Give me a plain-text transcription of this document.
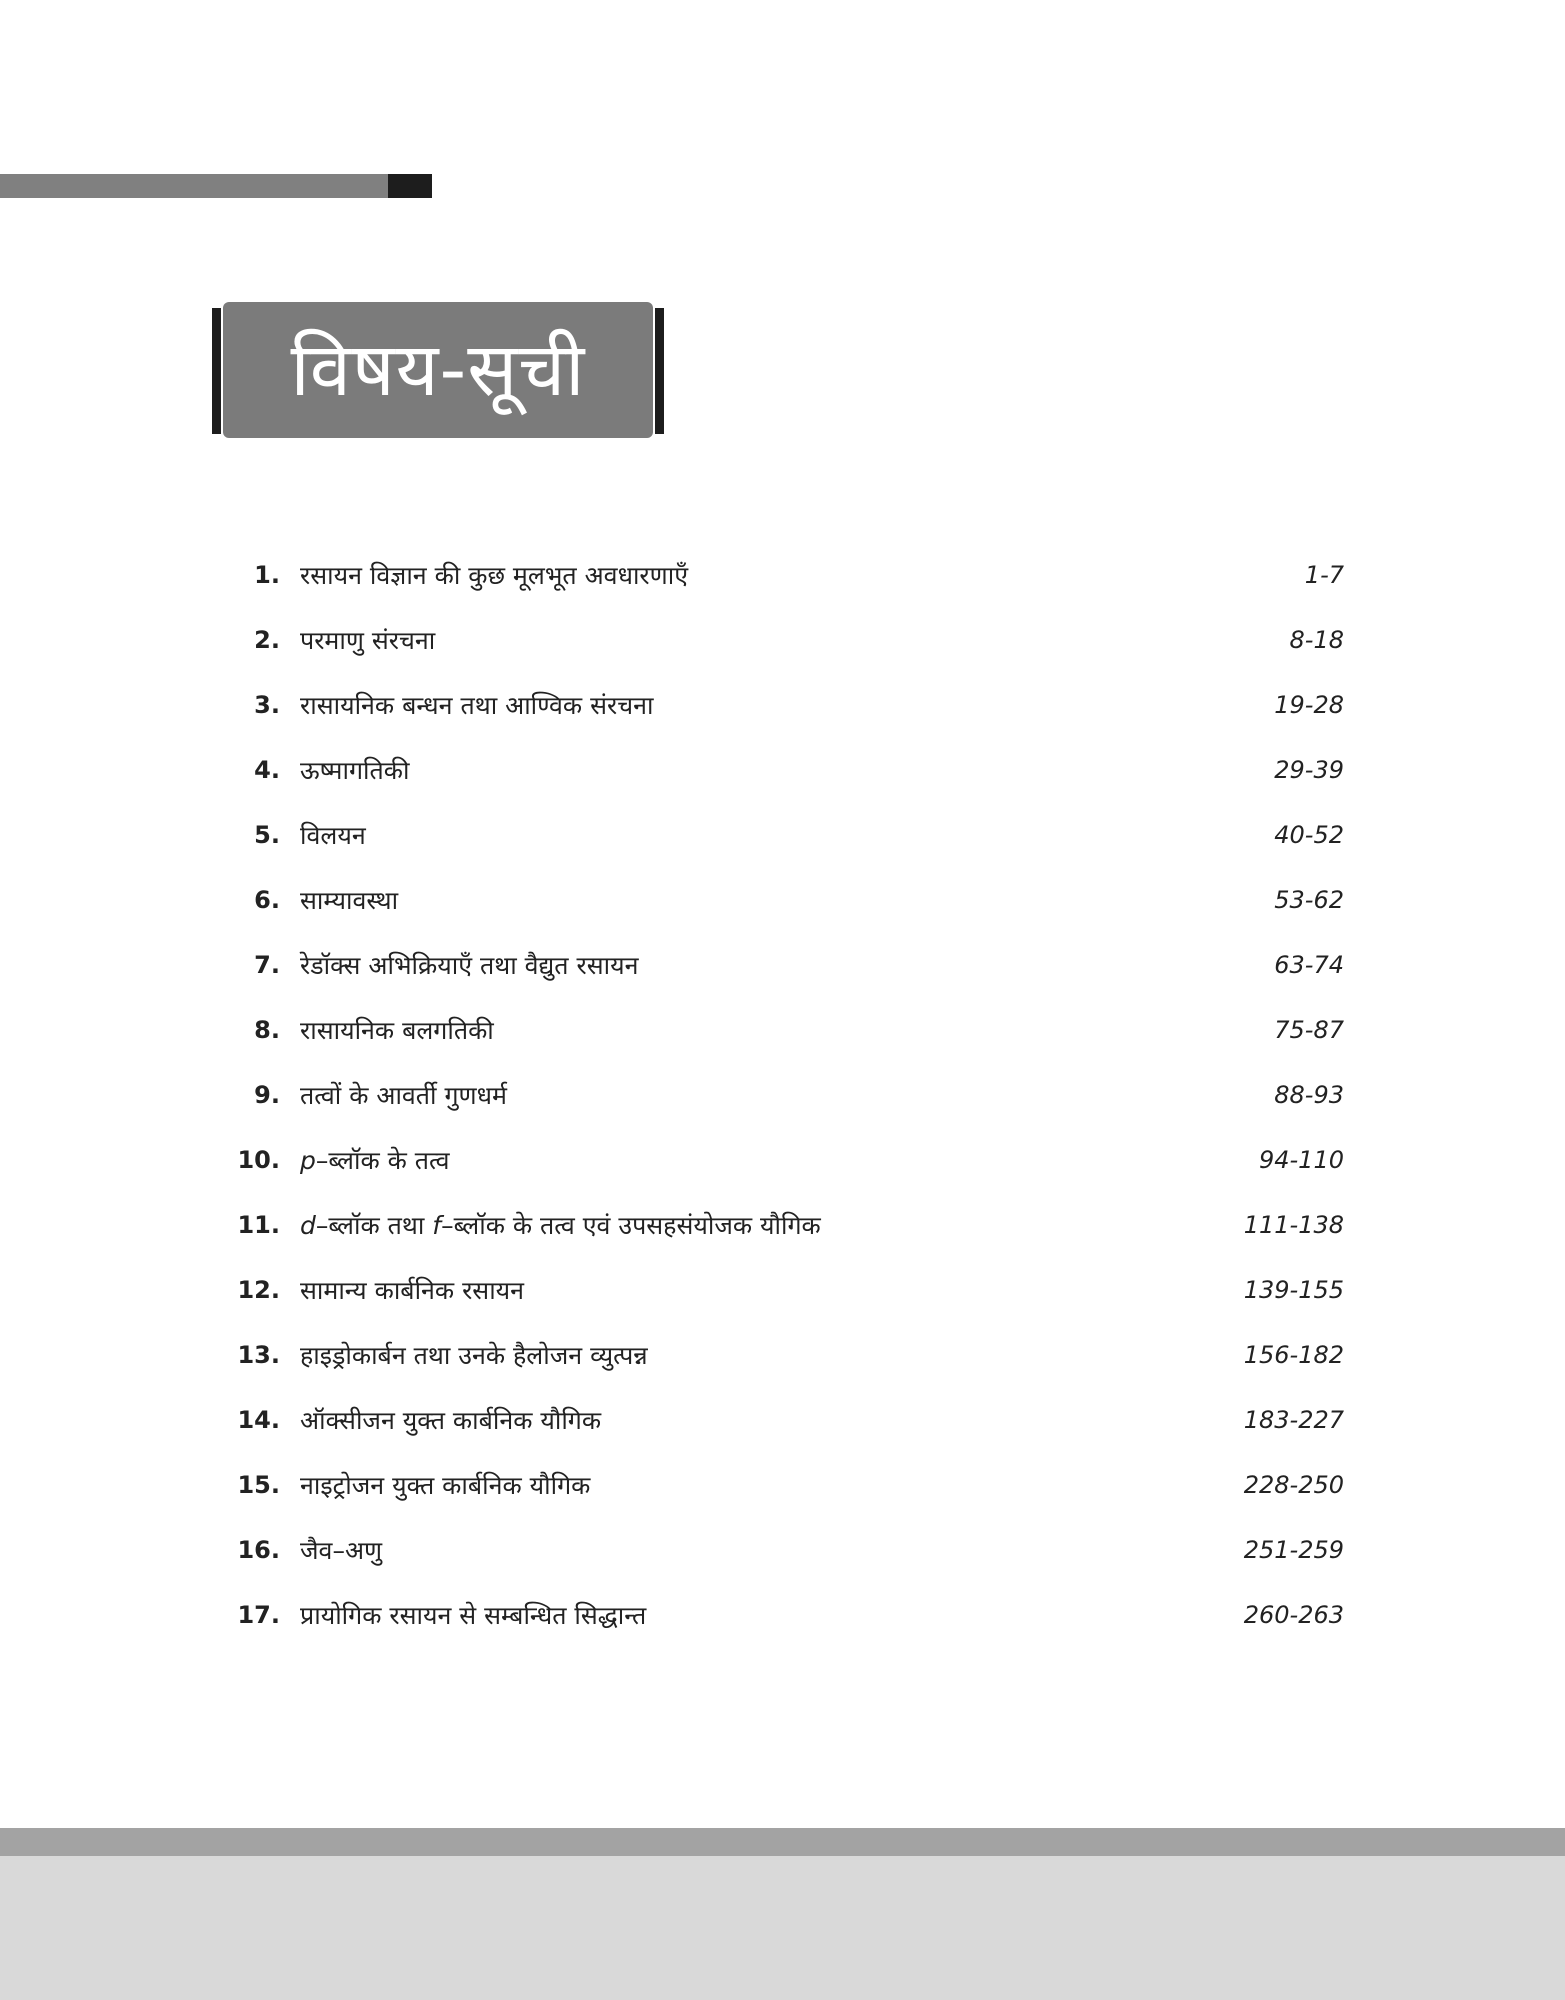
विषय-सूची
1. रसायन विज्ञान की कुछ मूलभूत अवधारणाएँ	1-7
2. परमाणु संरचना	8-18
3. रासायनिक बन्धन तथा आण्विक संरचना	19-28
4. ऊष्मागतिकी	29-39
5. विलयन	40-52
6. साम्यावस्था	53-62
7. रेडॉक्स अभिक्रियाएँ तथा वैद्युत रसायन	63-74
8. रासायनिक बलगतिकी	75-87
9. तत्वों के आवर्ती गुणधर्म	88-93
10. p–ब्लॉक के तत्व	94-110
11. d–ब्लॉक तथा f–ब्लॉक के तत्व एवं उपसहसंयोजक यौगिक	111-138
12. सामान्य कार्बनिक रसायन	139-155
13. हाइड्रोकार्बन तथा उनके हैलोजन व्युत्पन्न	156-182
14. ऑक्सीजन युक्त कार्बनिक यौगिक	183-227
15. नाइट्रोजन युक्त कार्बनिक यौगिक	228-250
16. जैव–अणु	251-259
17. प्रायोगिक रसायन से सम्बन्धित सिद्धान्त	260-263
